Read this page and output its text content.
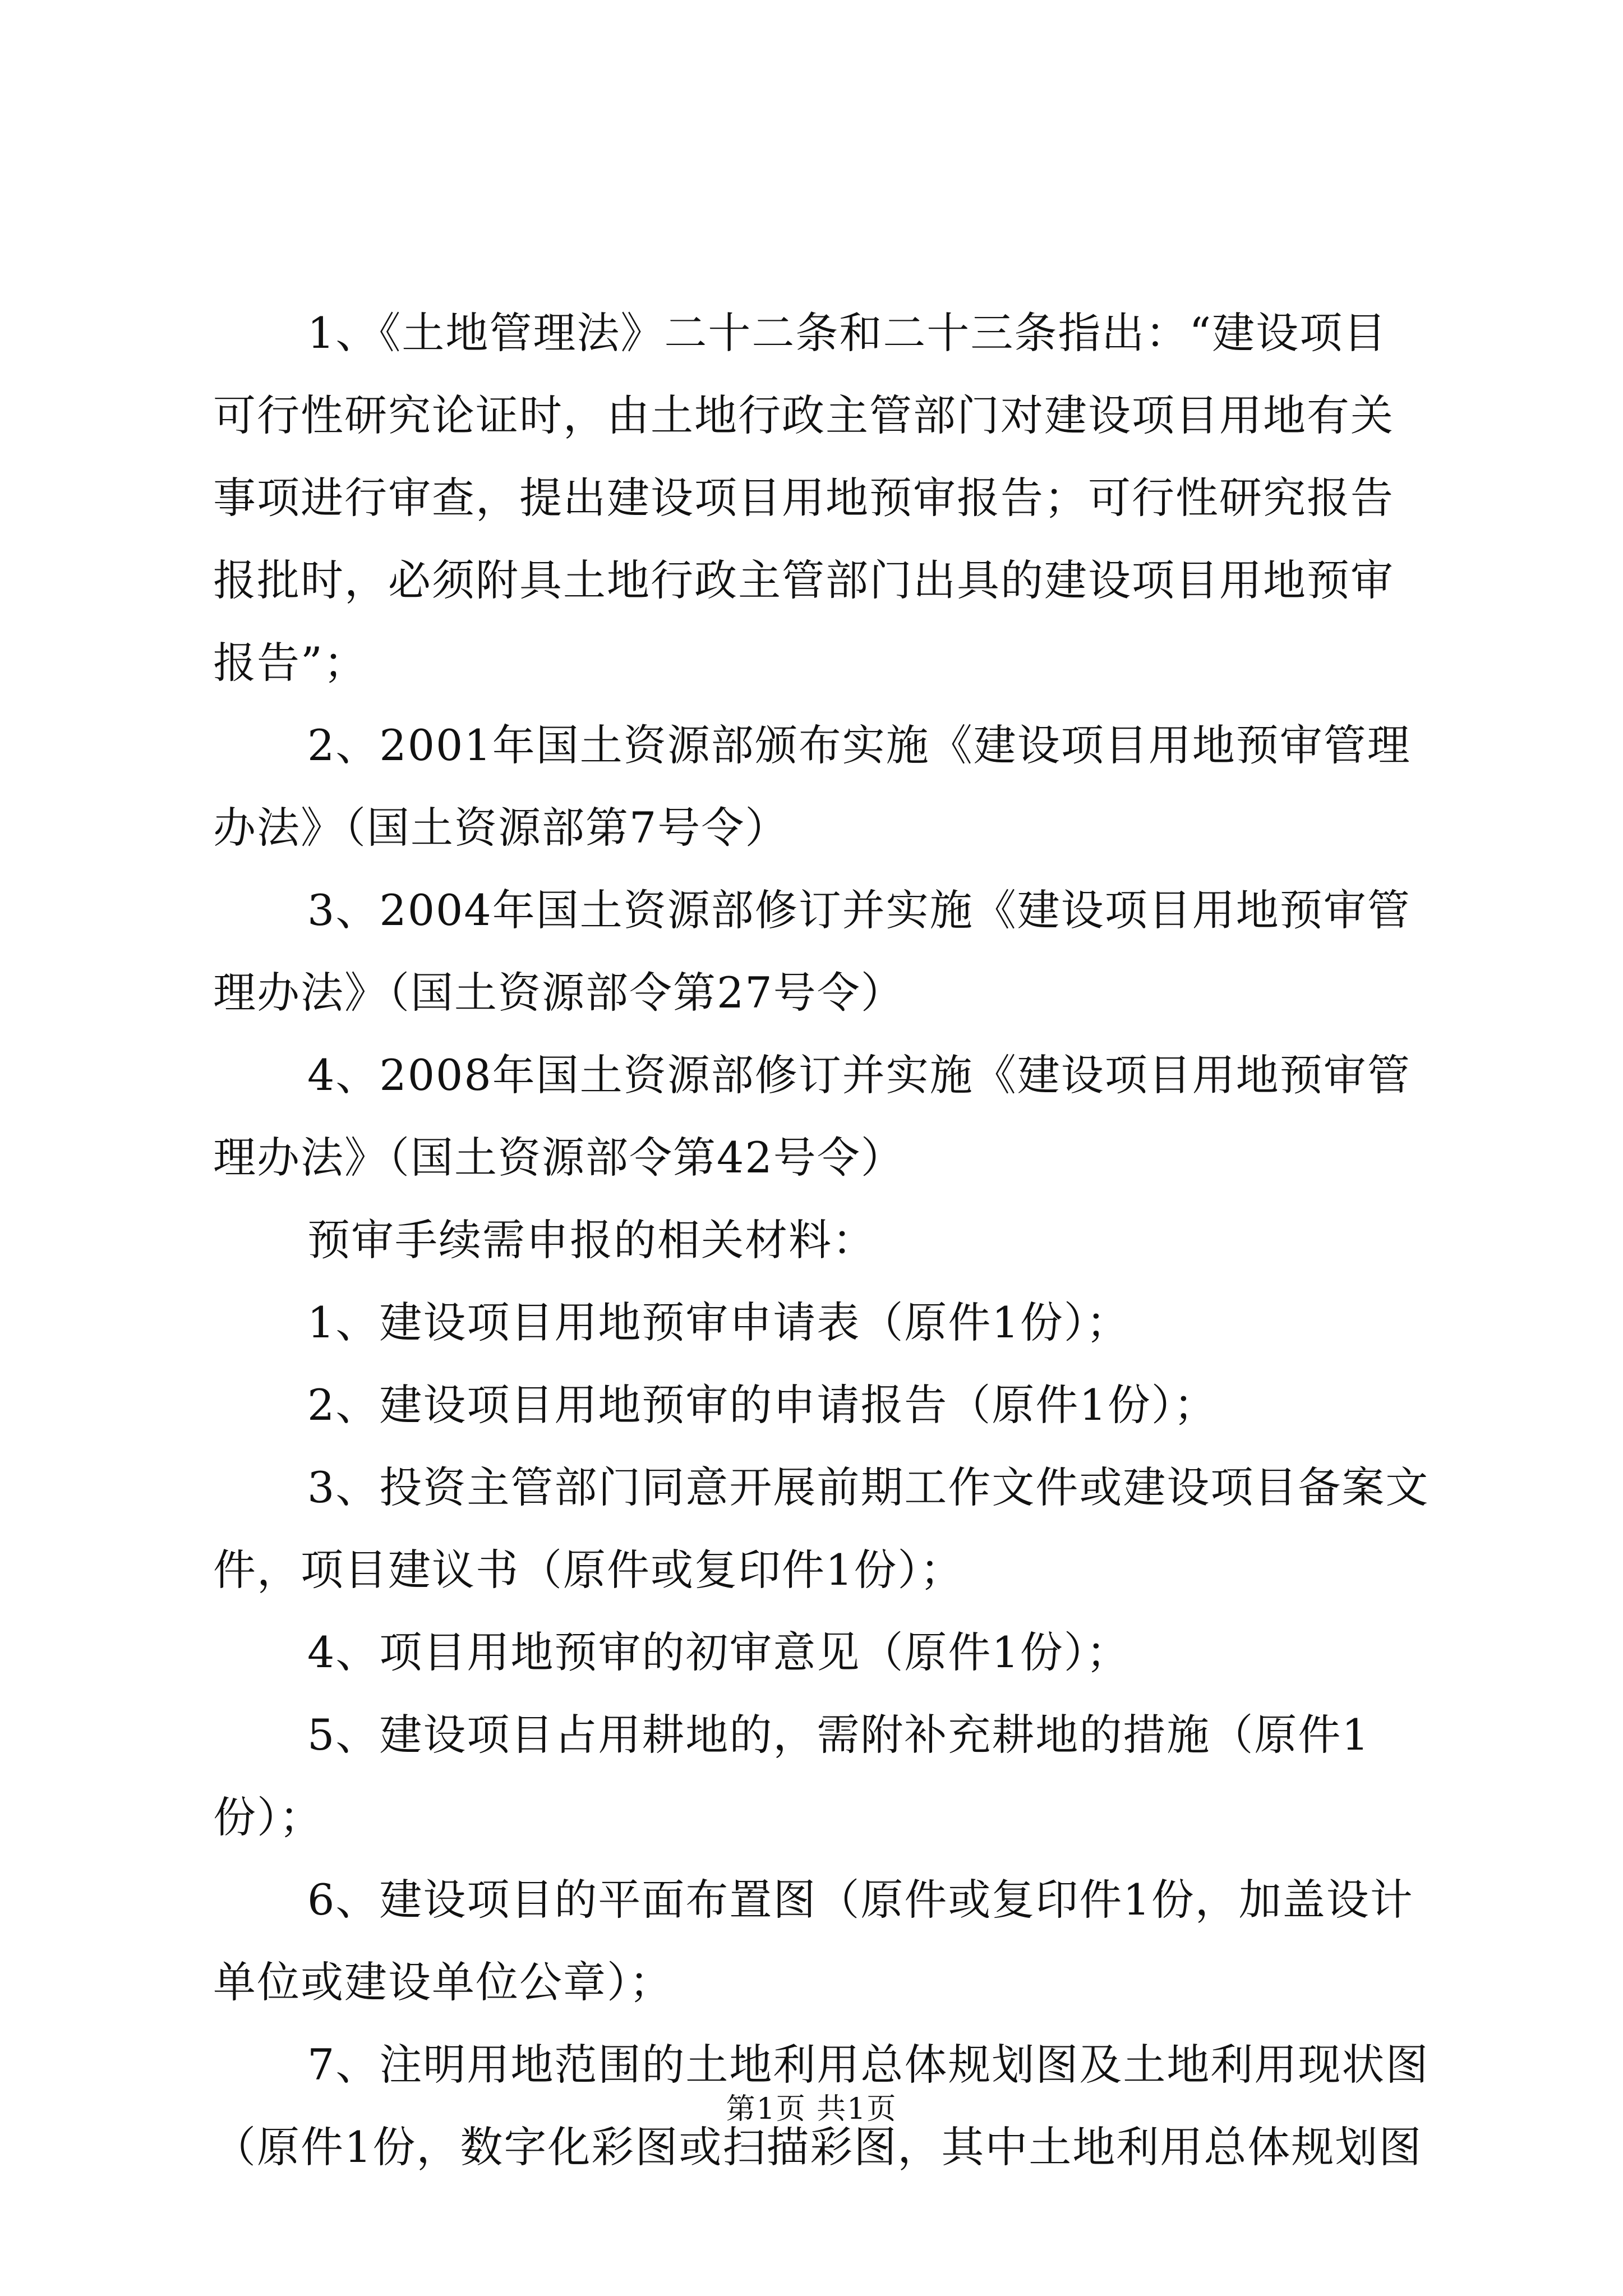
1、《土地管理法》二十二条和二十三条指出：“建设项目可行性研究论证时，由土地行政主管部门对建设项目用地有关事项进行审查，提出建设项目用地预审报告；可行性研究报告报批时，必须附具土地行政主管部门出具的建设项目用地预审报告”；

2、2001年国土资源部颁布实施《建设项目用地预审管理办法》（国土资源部第7号令）

3、2004年国土资源部修订并实施《建设项目用地预审管理办法》（国土资源部令第27号令）

4、2008年国土资源部修订并实施《建设项目用地预审管理办法》（国土资源部令第42号令）

预审手续需申报的相关材料：

1、建设项目用地预审申请表（原件1份）；

2、建设项目用地预审的申请报告（原件1份）；

3、投资主管部门同意开展前期工作文件或建设项目备案文件，项目建议书（原件或复印件1份）；

4、项目用地预审的初审意见（原件1份）；

5、建设项目占用耕地的，需附补充耕地的措施（原件1份）；

6、建设项目的平面布置图（原件或复印件1份，加盖设计单位或建设单位公章）；

7、注明用地范围的土地利用总体规划图及土地利用现状图（原件1份，数字化彩图或扫描彩图，其中土地利用总体规划图

第1页 共1页
